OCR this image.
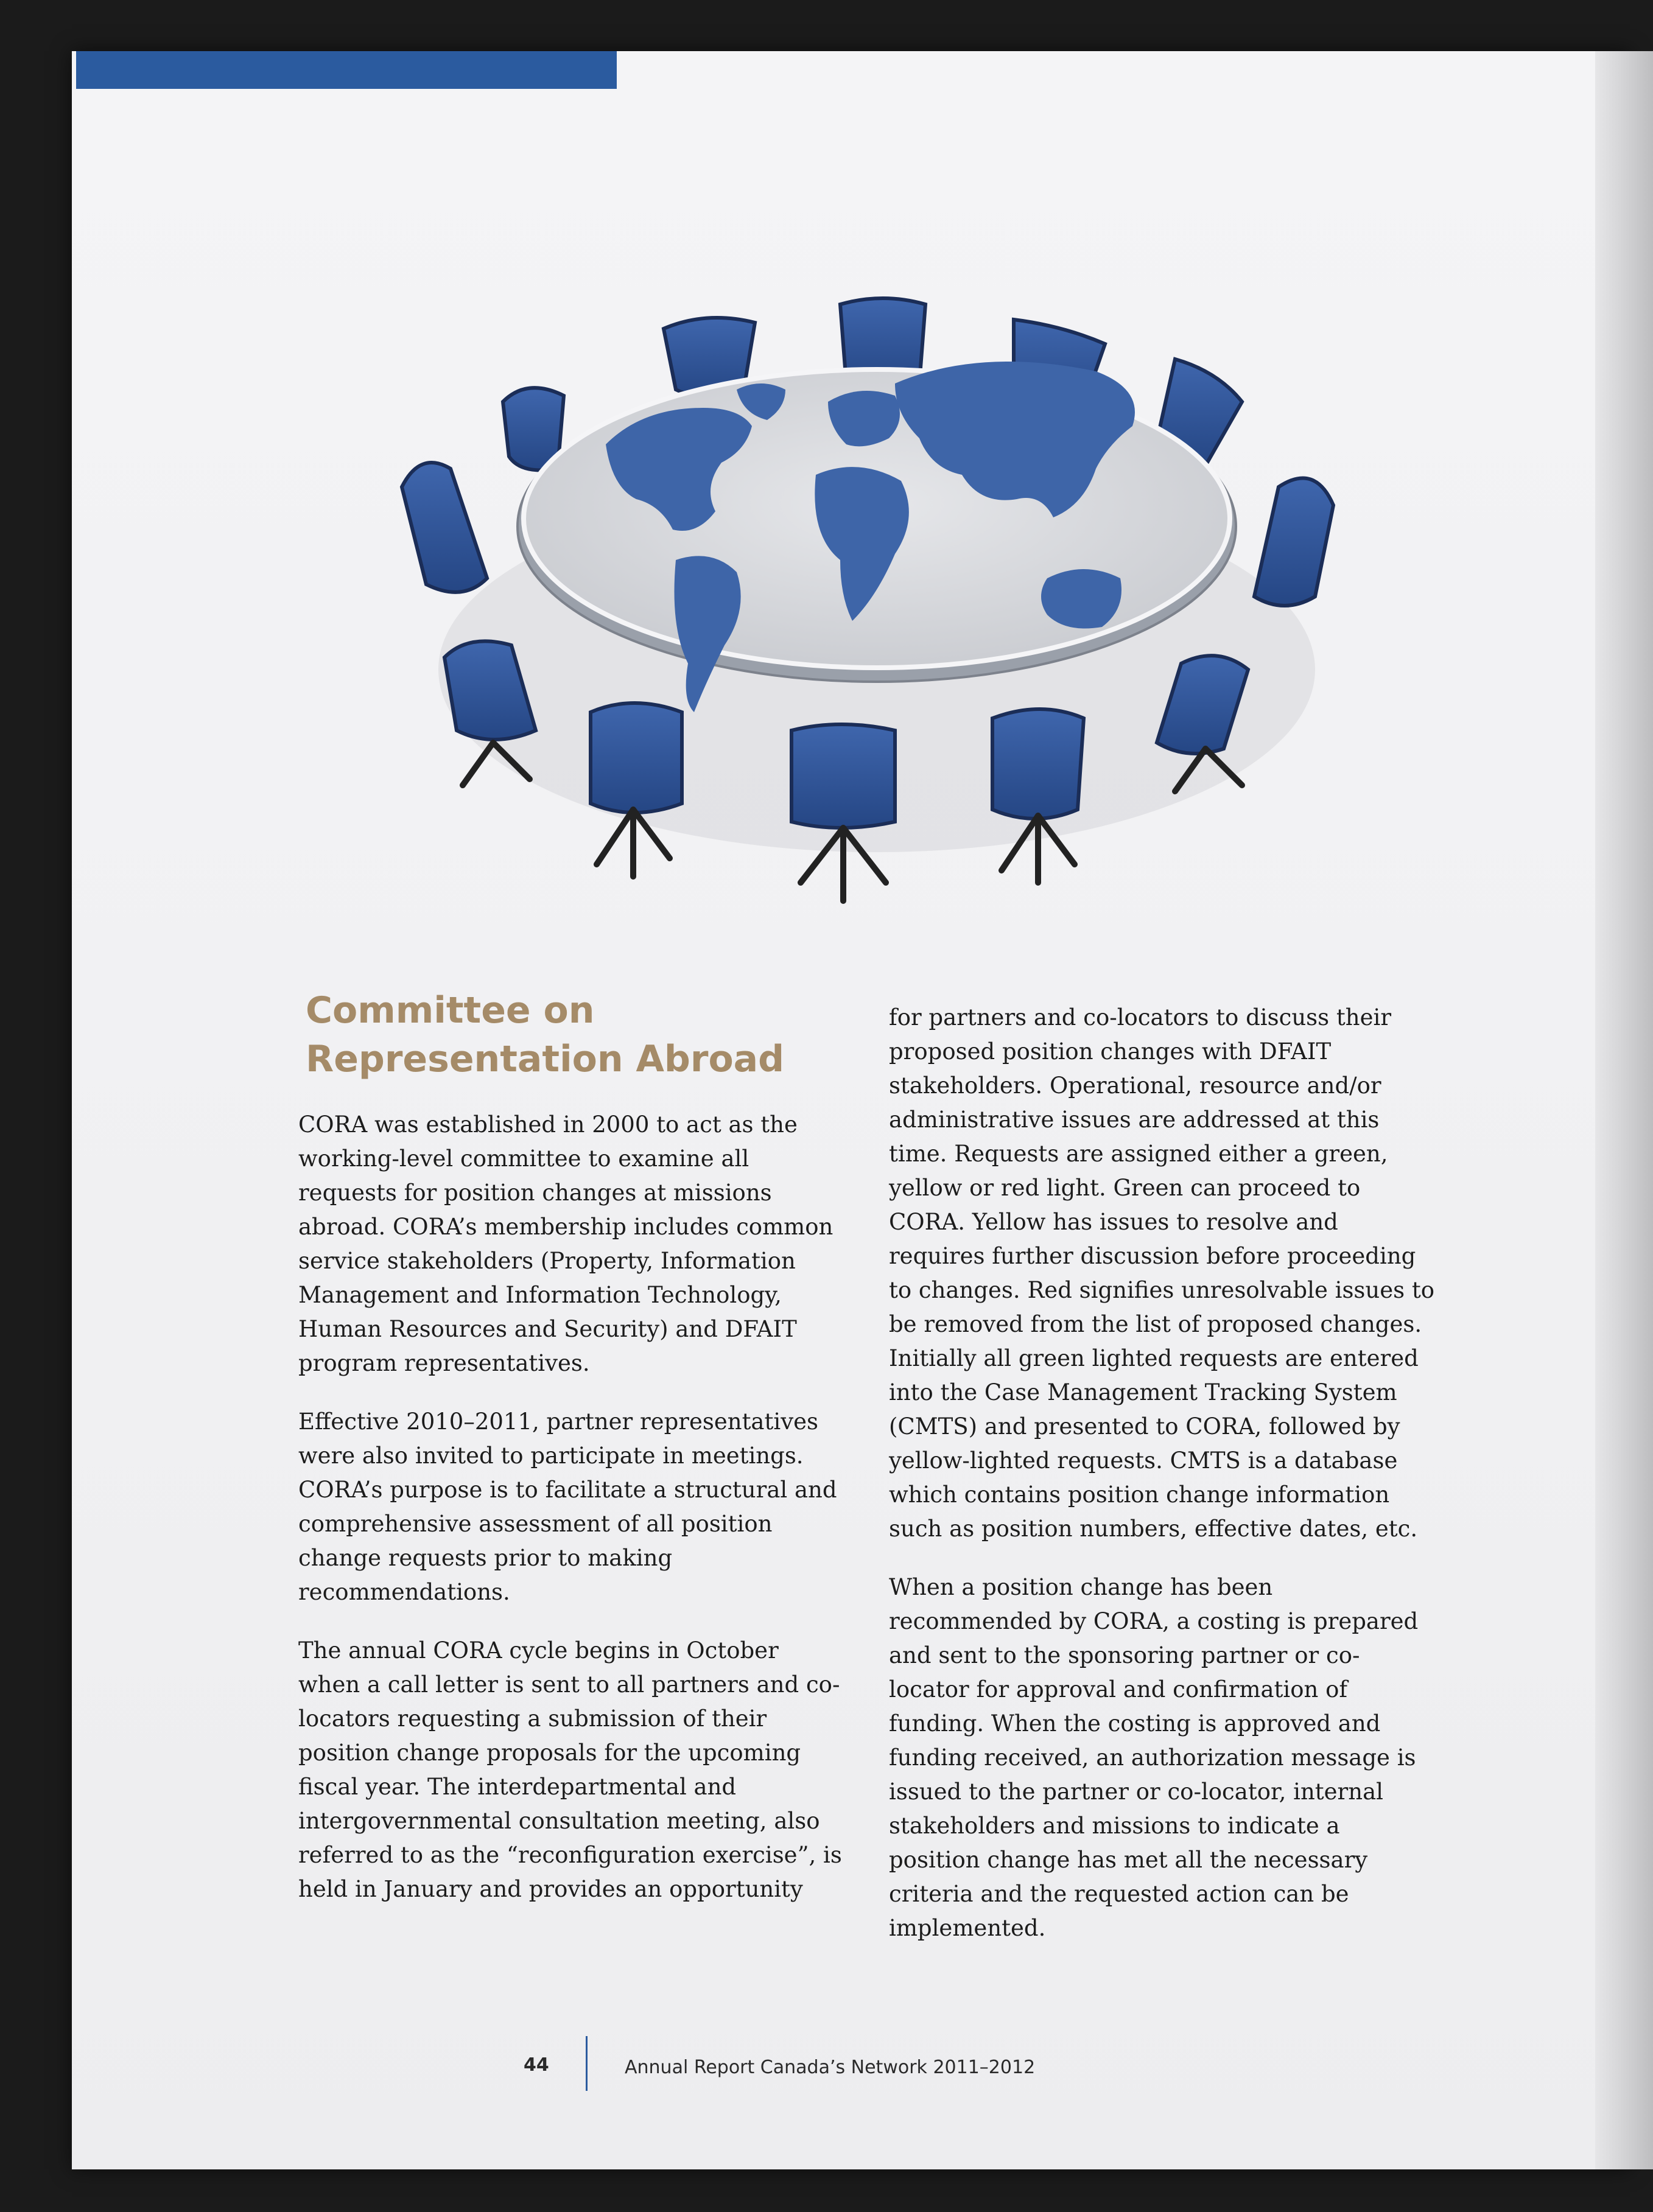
Committee on
Representation Abroad

CORA was established in 2000 to act as the working-level committee to examine all requests for position changes at missions abroad. CORA’s membership includes common service stakeholders (Property, Information Management and Information Technology, Human Resources and Security) and DFAIT program representatives.

Effective 2010–2011, partner representatives were also invited to participate in meetings. CORA’s purpose is to facilitate a structural and comprehensive assessment of all position change requests prior to making recommendations.

The annual CORA cycle begins in October when a call letter is sent to all partners and co-locators requesting a submission of their position change proposals for the upcoming fiscal year. The interdepartmental and intergovernmental consultation meeting, also referred to as the “reconfiguration exercise”, is held in January and provides an opportunity

for partners and co-locators to discuss their proposed position changes with DFAIT stakeholders. Operational, resource and/or administrative issues are addressed at this time. Requests are assigned either a green, yellow or red light. Green can proceed to CORA. Yellow has issues to resolve and requires further discussion before proceeding to changes. Red signifies unresolvable issues to be removed from the list of proposed changes. Initially all green lighted requests are entered into the Case Management Tracking System (CMTS) and presented to CORA, followed by yellow-lighted requests. CMTS is a database which contains position change information such as position numbers, effective dates, etc.

When a position change has been recommended by CORA, a costing is prepared and sent to the sponsoring partner or co-locator for approval and confirmation of funding. When the costing is approved and funding received, an authorization message is issued to the partner or co-locator, internal stakeholders and missions to indicate a position change has met all the necessary criteria and the requested action can be implemented.

44	Annual Report Canada’s Network 2011–2012
